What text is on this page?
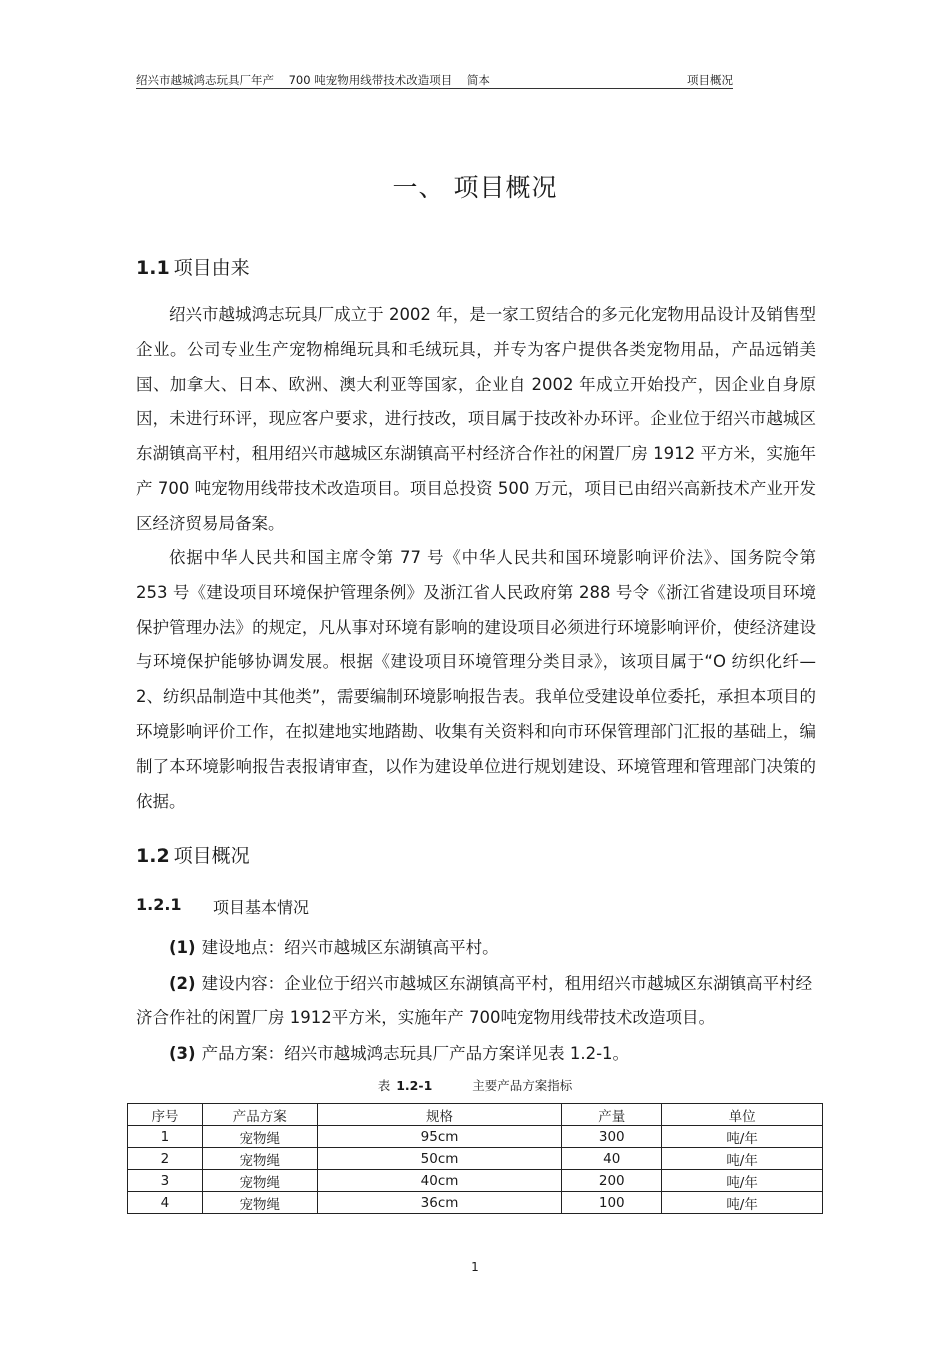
绍兴市越城鸿志玩具厂年产    700 吨宠物用线带技术改造项目    简本	项目概况
一、 项目概况
1.1 项目由来

绍兴市越城鸿志玩具厂成立于 2002 年，是一家工贸结合的多元化宠物用品设计及销售型企业。公司专业生产宠物棉绳玩具和毛绒玩具，并专为客户提供各类宠物用品，产品远销美国、加拿大、日本、欧洲、澳大利亚等国家，企业自 2002 年成立开始投产，因企业自身原因，未进行环评，现应客户要求，进行技改，项目属于技改补办环评。企业位于绍兴市越城区东湖镇高平村，租用绍兴市越城区东湖镇高平村经济合作社的闲置厂房 1912 平方米，实施年产 700 吨宠物用线带技术改造项目。项目总投资 500 万元，项目已由绍兴高新技术产业开发区经济贸易局备案。

依据中华人民共和国主席令第 77 号《中华人民共和国环境影响评价法》、国务院令第 253 号《建设项目环境保护管理条例》及浙江省人民政府第 288 号令《浙江省建设项目环境保护管理办法》的规定，凡从事对环境有影响的建设项目必须进行环境影响评价，使经济建设与环境保护能够协调发展。根据《建设项目环境管理分类目录》，该项目属于“O 纺织化纤—2、纺织品制造中其他类”，需要编制环境影响报告表。我单位受建设单位委托，承担本项目的环境影响评价工作，在拟建地实地踏勘、收集有关资料和向市环保管理部门汇报的基础上，编制了本环境影响报告表报请审查，以作为建设单位进行规划建设、环境管理和管理部门决策的依据。

1.2 项目概况
1.2.1 项目基本情况

(1) 建设地点：绍兴市越城区东湖镇高平村。

(2) 建设内容：企业位于绍兴市越城区东湖镇高平村，租用绍兴市越城区东湖镇高平村经济合作社的闲置厂房 1912平方米，实施年产 700吨宠物用线带技术改造项目。

(3) 产品方案：绍兴市越城鸿志玩具厂产品方案详见表 1.2-1。

表 1.2-1	主要产品方案指标
序号	产品方案	规格	产量	单位
1	宠物绳	95cm	300	吨/年
2	宠物绳	50cm	40	吨/年
3	宠物绳	40cm	200	吨/年
4	宠物绳	36cm	100	吨/年
1
